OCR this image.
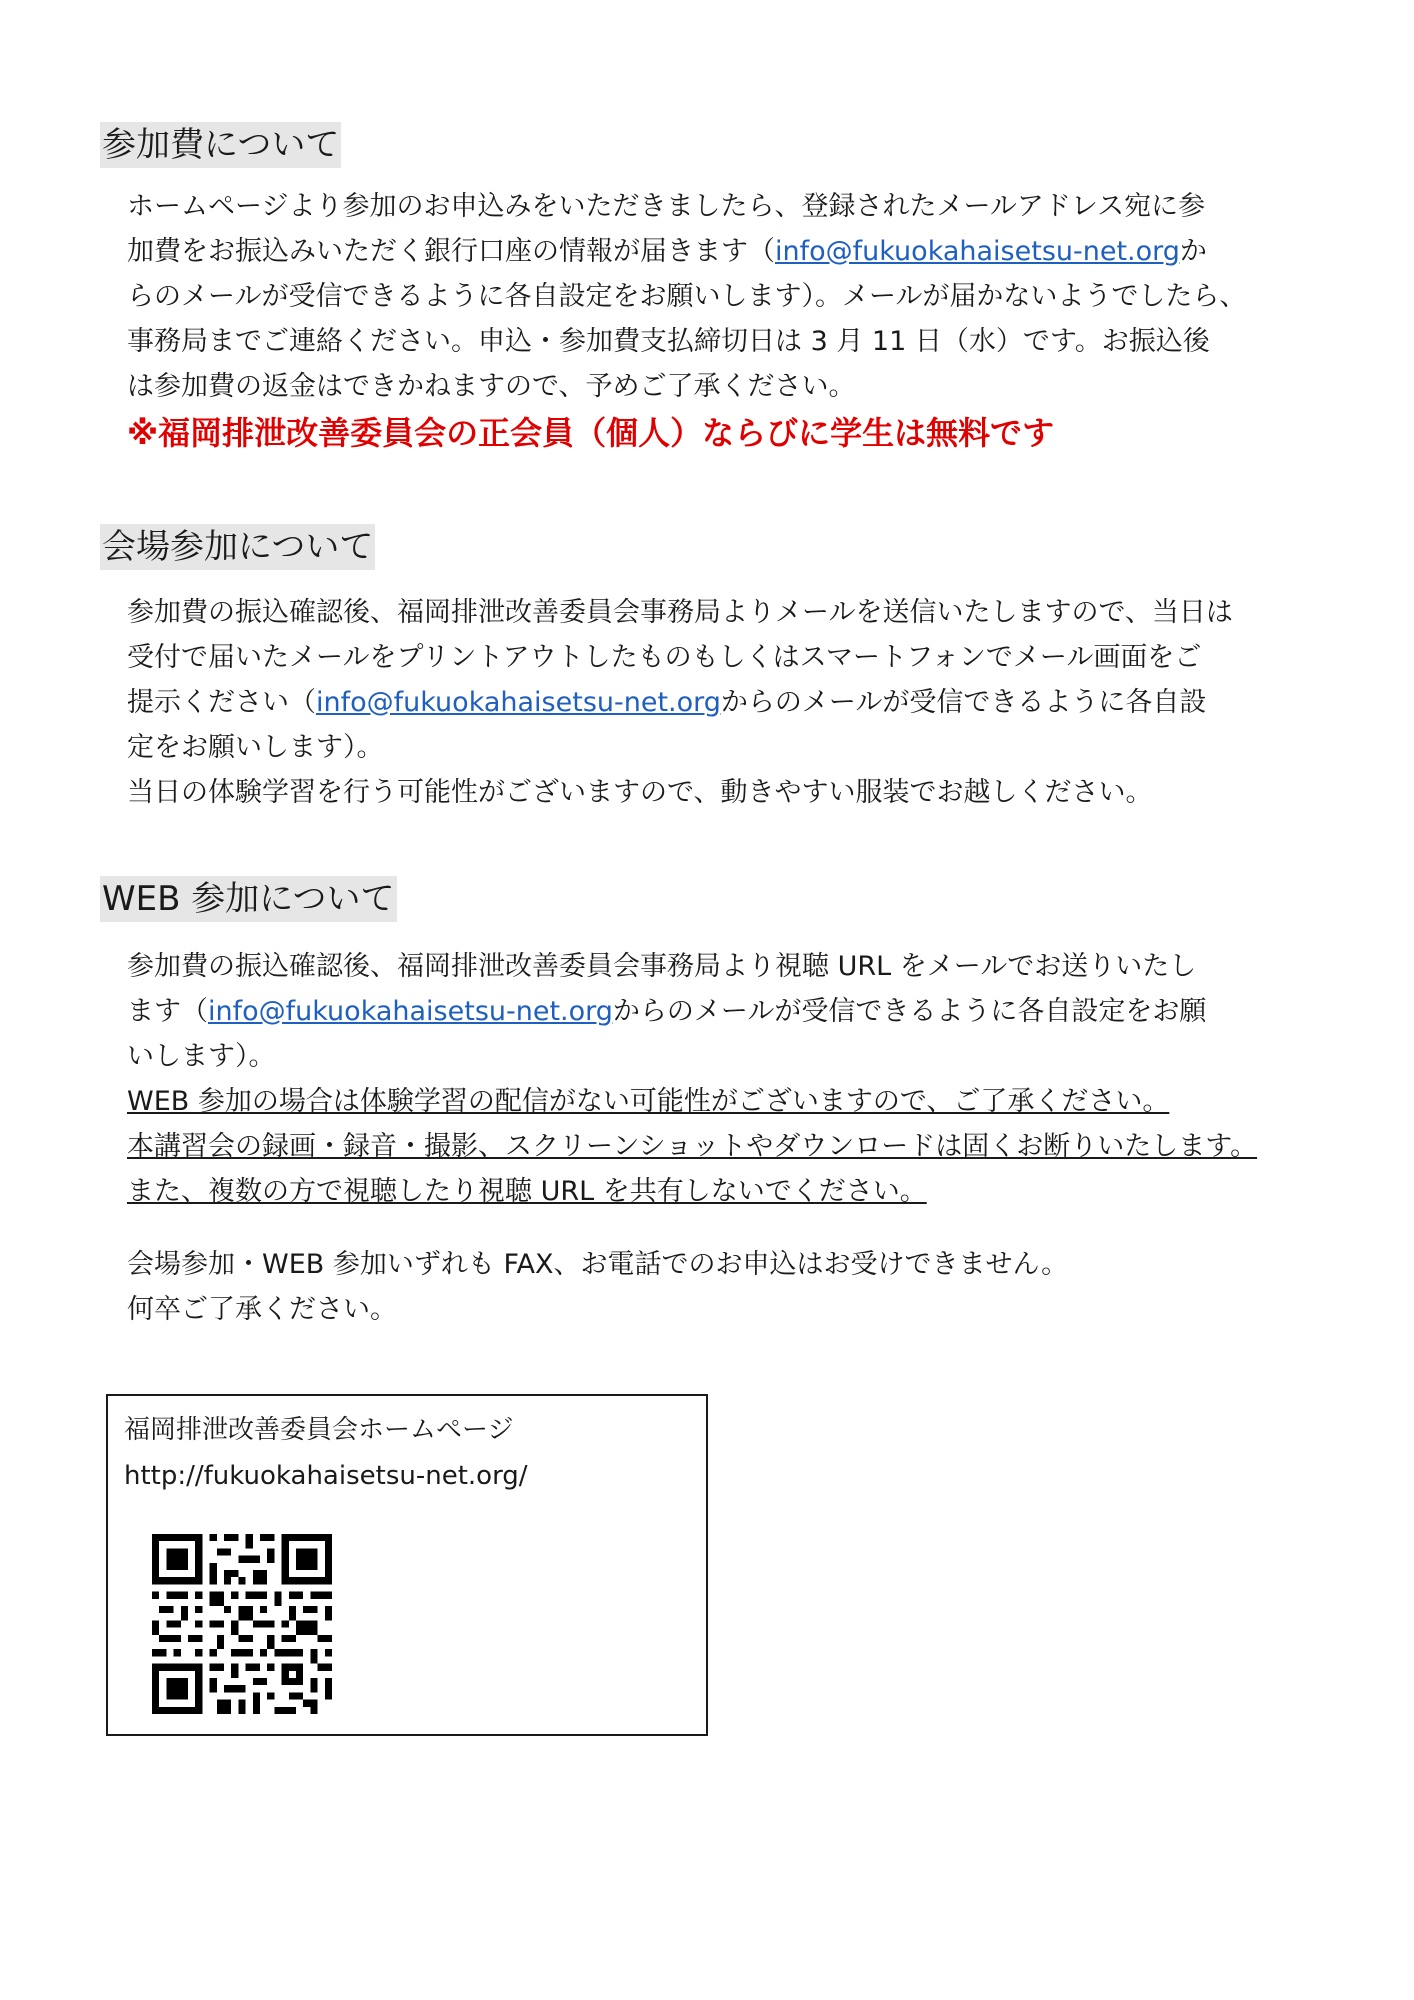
参加費について
ホームページより参加のお申込みをいただきましたら、登録されたメールアドレス宛に参
加費をお振込みいただく銀行口座の情報が届きます（info@fukuokahaisetsu-net.orgか
らのメールが受信できるように各自設定をお願いします）。メールが届かないようでしたら、
事務局までご連絡ください。申込・参加費支払締切日は 3 月 11 日（水）です。お振込後
は参加費の返金はできかねますので、予めご了承ください。
※福岡排泄改善委員会の正会員（個人）ならびに学生は無料です
会場参加について
参加費の振込確認後、福岡排泄改善委員会事務局よりメールを送信いたしますので、当日は
受付で届いたメールをプリントアウトしたものもしくはスマートフォンでメール画面をご
提示ください（info@fukuokahaisetsu-net.orgからのメールが受信できるように各自設
定をお願いします）。
当日の体験学習を行う可能性がございますので、動きやすい服装でお越しください。
WEB 参加について
参加費の振込確認後、福岡排泄改善委員会事務局より視聴 URL をメールでお送りいたし
ます（info@fukuokahaisetsu-net.orgからのメールが受信できるように各自設定をお願
いします）。
WEB 参加の場合は体験学習の配信がない可能性がございますので、ご了承ください。
本講習会の録画・録音・撮影、スクリーンショットやダウンロードは固くお断りいたします。
また、複数の方で視聴したり視聴 URL を共有しないでください。
会場参加・WEB 参加いずれも FAX、お電話でのお申込はお受けできません。
何卒ご了承ください。
福岡排泄改善委員会ホームページ
http://fukuokahaisetsu-net.org/
